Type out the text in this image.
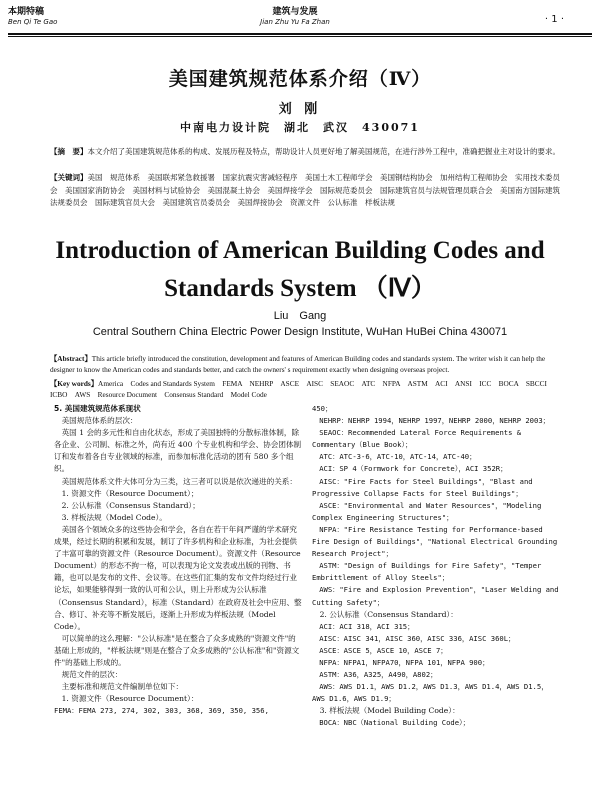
本期特稿
Ben Qi Te Gao
建筑与发展
Jian Zhu Yu Fa Zhan	· 1 ·
美国建筑规范体系介绍（Ⅳ）
刘 刚
中南电力设计院　湖北　武汉　430071
【摘　要】本文介绍了美国建筑规范体系的构成、发展历程及特点，帮助设计人员更好地了解美国规范，在进行涉外工程中，准确把握业主对设计的要求。
【关键词】美国　规范体系　美国联邦紧急救援署　国家抗震灾害减轻程序　美国土木工程师学会　美国钢结构协会　加州结构工程师协会　实用技术委员会　美国国家消防协会　美国材料与试验协会　美国混凝土协会　美国焊接学会　国际规范委员会　国际建筑官员与法规管理员联合会　美国南方国际建筑法规委员会　国际建筑官员大会　美国建筑官员委员会　美国焊接协会　资源文件　公认标准　样板法规
Introduction of American Building Codes and
Standards System （Ⅳ）
Liu　Gang
Central Southern China Electric Power Design Institute, WuHan HuBei China 430071
【Abstract】This article briefly introduced the constitution, development and features of American Building codes and standards system. The writer wish it can help the designer to know the American codes and standards better, and catch the owners' s requirement exactly when designing overseas project.
【Key words】America　Codes and Standards System　FEMA　NEHRP　ASCE　AISC　SEAOC　ATC　NFPA　ASTM　ACI　ANSI　ICC　BOCA　SBCCI　ICBO　AWS　Resource Document　Consensus Standard　Model Code

5. 美国建筑规范体系现状

　美国规范体系的层次：

　英国 1 会的多元性和自由化状态，形成了美国独特的分散标准体制，除各企业、公司制、标准之外，尚有近 400 个专业机构和学会、协会团体制订和发布着各自专业领域的标准，而参加标准化活动的团有 580 多个组织。

　美国规范体系文件大体可分为三类，这三者可以说是依次递进的关系：

　1. 资源文件（Resource Document）；

　2. 公认标准（Consensus Standard）；

　3. 样板法规（Model Code）。

　美国各个领域众多的这些协会和学会，各自在若干年间严谨的学术研究成果，经过长期的积累和发展，制订了许多机构和企业标准，为社会提供了丰富可靠的资源文件（Resource Document）。资源文件（Resource Document）的形态不拘一格，可以表现为论文发表或出版的刊物、书籍，也可以是发布的文件、会议等。在这些们汇集的发布文件均经过行业论坛，如果能够得到一致的认可和公认，则上升形成为公认标准（Consensus Standard），标准（Standard）在政府及社会中应用、整合、修订、补充等不断发展后，逐渐上升形成为样板法规（Model Code）。

　可以简单的这么理解："公认标准"是在整合了众多成熟的"资源文件"的基础上形成的，"样板法规"则是在整合了众多成熟的"公认标准"和"资源文件"的基础上形成的。

　规范文件的层次：

　主要标准和规范文件编制单位如下：

　1. 资源文件（Resource Document）：

FEMA：FEMA 273, 274, 302, 303, 368, 369, 350, 356,

450；

　NEHRP：NEHRP 1994，NEHRP 1997，NEHRP 2000，NEHRP 2003；

　SEAOC：Recommended Lateral Force Requirements & Commentary（Blue Book）；

　ATC：ATC-3-6，ATC-10，ATC-14，ATC-40；

　ACI：SP 4（Formwork for Concrete），ACI 352R；

　AISC："Fire Facts for Steel Buildings"，"Blast and Progressive Collapse Facts for Steel Buildings"；

　ASCE："Environmental and Water Resources"，"Modeling Complex Engineering Structures"；

　NFPA："Fire Resistance Testing for Performance-based Fire Design of Buildings"，"National Electrical Grounding Research Project"；

　ASTM："Design of Buildings for Fire Safety"，"Temper Embrittlement of Alloy Steels"；

　AWS："Fire and Explosion Prevention"，"Laser Welding and Cutting Safety"；

　2. 公认标准（Consensus Standard）：

　ACI：ACI 318，ACI 315；

　AISC：AISC 341，AISC 360，AISC 336，AISC 360L；

　ASCE：ASCE 5，ASCE 10，ASCE 7；

　NFPA：NFPA1，NFPA70，NFPA 101，NFPA 900；

　ASTM：A36，A325，A490，A802；

　AWS：AWS D1.1，AWS D1.2，AWS D1.3，AWS D1.4，AWS D1.5，AWS D1.6，AWS D1.9；

　3. 样板法规（Model Building Code）：

　BOCA：NBC（National Building Code）；
